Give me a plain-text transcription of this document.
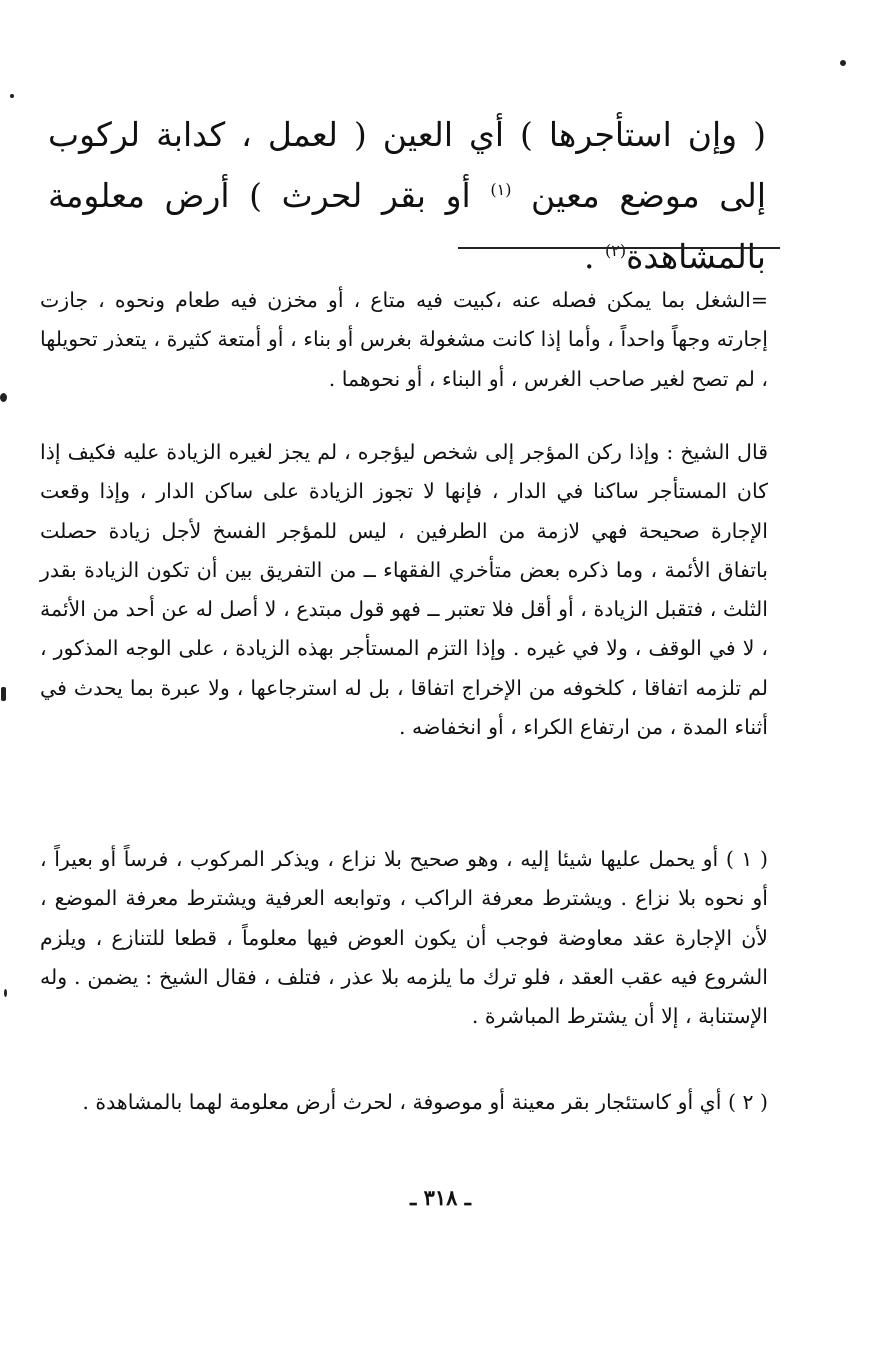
( وإن استأجرها ) أي العين ( لعمل ، كدابة لركوب إلى موضع معين $^{(١)}$ أو بقر لحرث ) أرض معلومة بالمشاهدة$^{(٢)}$ .
=الشغل بما يمكن فصله عنه ،كبيت فيه متاع ، أو مخزن فيه طعام ونحوه ، جازت إجارته وجهاً واحداً ، وأما إذا كانت مشغولة بغرس أو بناء ، أو أمتعة كثيرة ، يتعذر تحويلها ، لم تصح لغير صاحب الغرس ، أو البناء ، أو نحوهما .
قال الشيخ : وإذا ركن المؤجر إلى شخص ليؤجره ، لم يجز لغيره الزيادة عليه فكيف إذا كان المستأجر ساكنا في الدار ، فإنها لا تجوز الزيادة على ساكن الدار ، وإذا وقعت الإجارة صحيحة فهي لازمة من الطرفين ، ليس للمؤجر الفسخ لأجل زيادة حصلت باتفاق الأئمة ، وما ذكره بعض متأخري الفقهاء ــ من التفريق بين أن تكون الزيادة بقدر الثلث ، فتقبل الزيادة ، أو أقل فلا تعتبر ــ فهو قول مبتدع ، لا أصل له عن أحد من الأئمة ، لا في الوقف ، ولا في غيره . وإذا التزم المستأجر بهذه الزيادة ، على الوجه المذكور ، لم تلزمه اتفاقا ، كلخوفه من الإخراج اتفاقا ، بل له استرجاعها ، ولا عبرة بما يحدث في أثناء المدة ، من ارتفاع الكراء ، أو انخفاضه .
( ١ ) أو يحمل عليها شيئا إليه ، وهو صحيح بلا نزاع ، ويذكر المركوب ، فرساً أو بعيراً ، أو نحوه بلا نزاع . ويشترط معرفة الراكب ، وتوابعه العرفية ويشترط معرفة الموضع ، لأن الإجارة عقد معاوضة فوجب أن يكون العوض فيها معلوماً ، قطعا للتنازع ، ويلزم الشروع فيه عقب العقد ، فلو ترك ما يلزمه بلا عذر ، فتلف ، فقال الشيخ : يضمن . وله الإستنابة ، إلا أن يشترط المباشرة .
( ٢ ) أي أو كاستئجار بقر معينة أو موصوفة ، لحرث أرض معلومة لهما بالمشاهدة .
ـ ٣١٨ ـ
